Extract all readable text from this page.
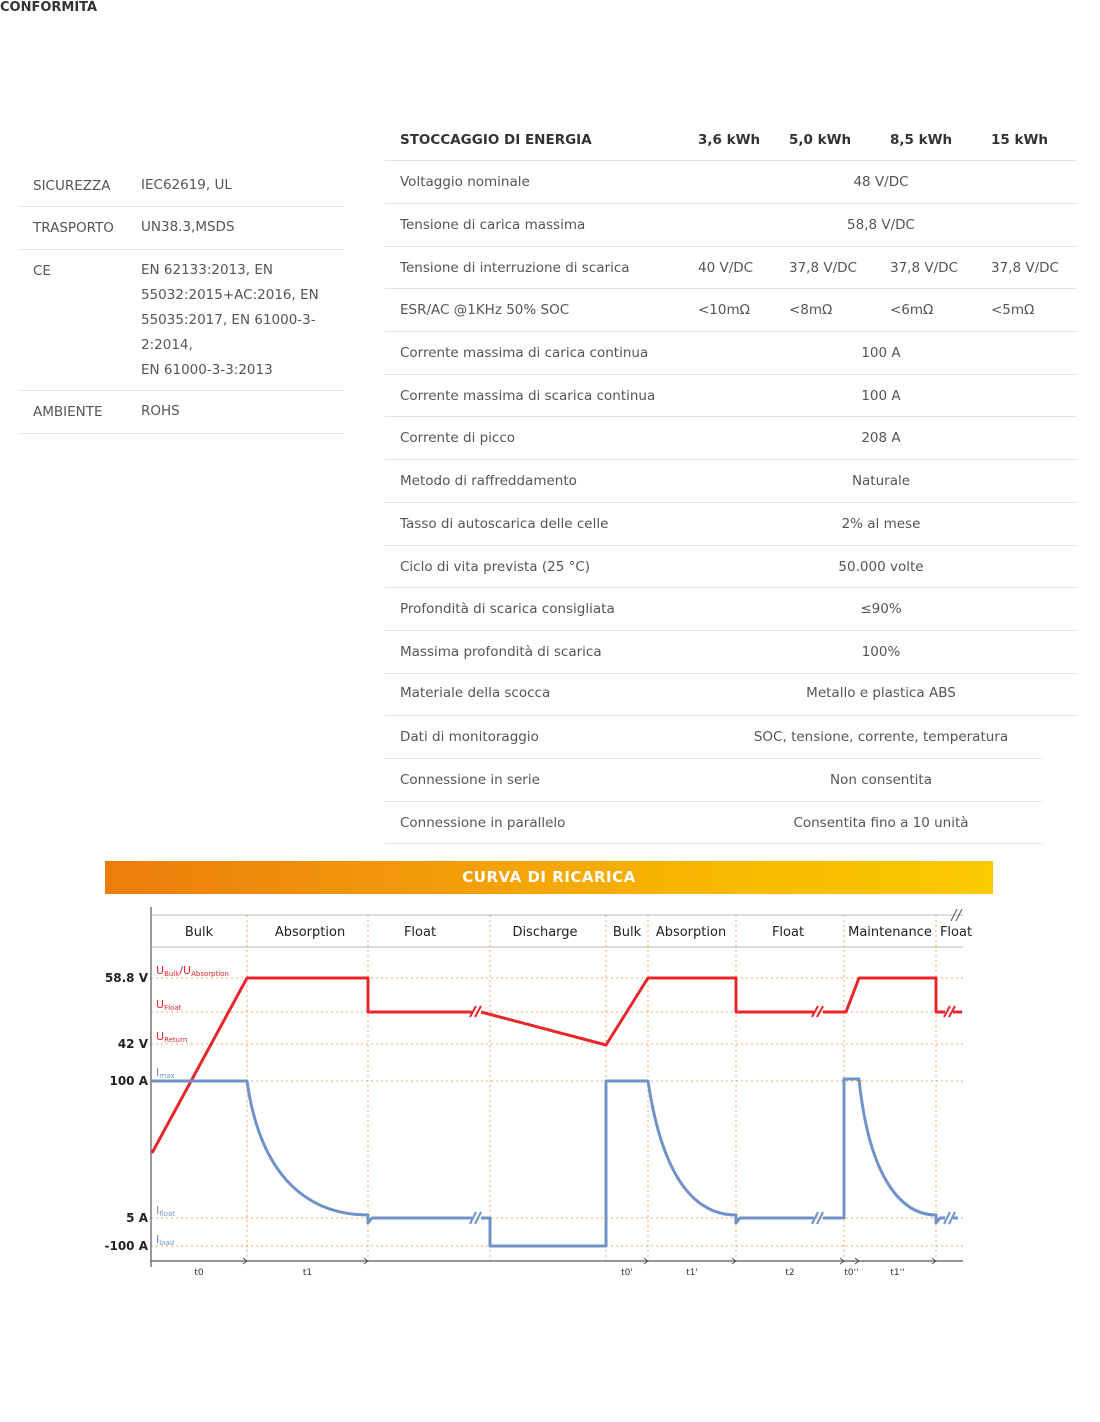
CONFORMITÀ
SICUREZZA IEC62619, UL
TRASPORTO UN38.3,MSDS
CE	EN 62133:2013, EN
55032:2015+AC:2016, EN
55035:2017, EN 61000-3-
2:2014,
EN 61000-3-3:2013
AMBIENTE	ROHS
STOCCAGGIO DI ENERGIA	3,6 kWh 5,0 kWh	8,5 kWh	15 kWh
Voltaggio nominale	48 V/DC
Tensione di carica massima	58,8 V/DC
Tensione di interruzione di scarica	40 V/DC	37,8 V/DC 37,8 V/DC 37,8 V/DC
ESR/AC @1KHz 50% SOC	<10mΩ	<8mΩ	<6mΩ	<5mΩ
Corrente massima di carica continua	100 A
Corrente massima di scarica continua	100 A
Corrente di picco	208 A
Metodo di raffreddamento	Naturale
Tasso di autoscarica delle celle	2% al mese
Ciclo di vita prevista (25 °C)	50.000 volte
Profondità di scarica consigliata	≤90%
Massima profondità di scarica	100%
Materiale della scocca	Metallo e plastica ABS
Dati di monitoraggio	SOC, tensione, corrente, temperatura
Connessione in serie	Non consentita
Connessione in parallelo	Consentita fino a 10 unità
CURVA DI RICARICA
Bulk	Absorption	Float	Discharge	Bulk Absorption	Float	Maintenance Float
58.8 V
42 V
100 A
5 A
-100 A
UBulk/UAbsorption
UFloat
UReturn
Imax
Ifloat
Iload
t0	t1	t0'	t1'	t2	t0''	t1''
